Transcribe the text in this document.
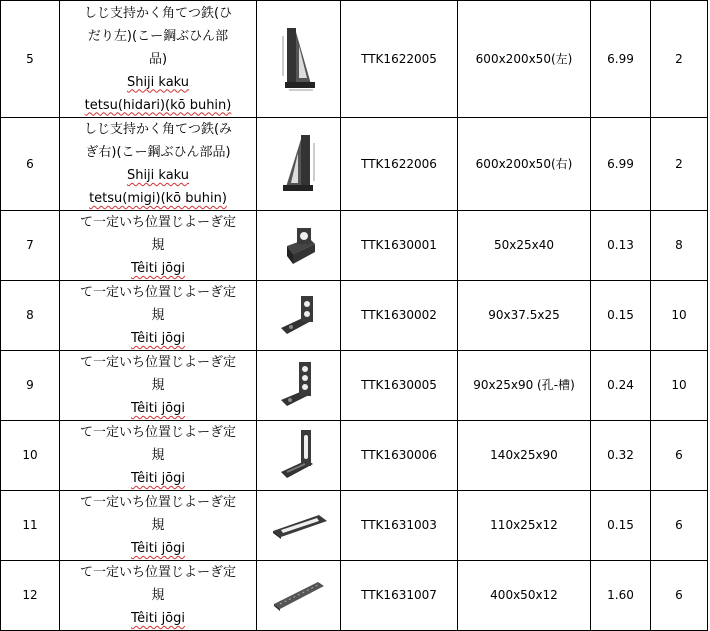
5	しじ支持かく角てつ鉄(ひ
だり左)(こー鋼ぶひん部
品)
Shiji kaku
tetsu(hidari)(kō buhin)		TTK1622005	600x200x50(左)	6.99	2
6	しじ支持かく角てつ鉄(み
ぎ右)(こー鋼ぶひん部品)
Shiji kaku
tetsu(migi)(kō buhin)		TTK1622006	600x200x50(右)	6.99	2
7	て一定いち位置じよーぎ定
規
Têiti jōgi		TTK1630001	50x25x40	0.13	8
8	て一定いち位置じよーぎ定
規
Têiti jōgi		TTK1630002	90x37.5x25	0.15	10
9	て一定いち位置じよーぎ定
規
Têiti jōgi		TTK1630005	90x25x90 (孔-槽)	0.24	10
10	て一定いち位置じよーぎ定
規
Têiti jōgi		TTK1630006	140x25x90	0.32	6
11	て一定いち位置じよーぎ定
規
Têiti jōgi		TTK1631003	110x25x12	0.15	6
12	て一定いち位置じよーぎ定
規
Têiti jōgi		TTK1631007	400x50x12	1.60	6
